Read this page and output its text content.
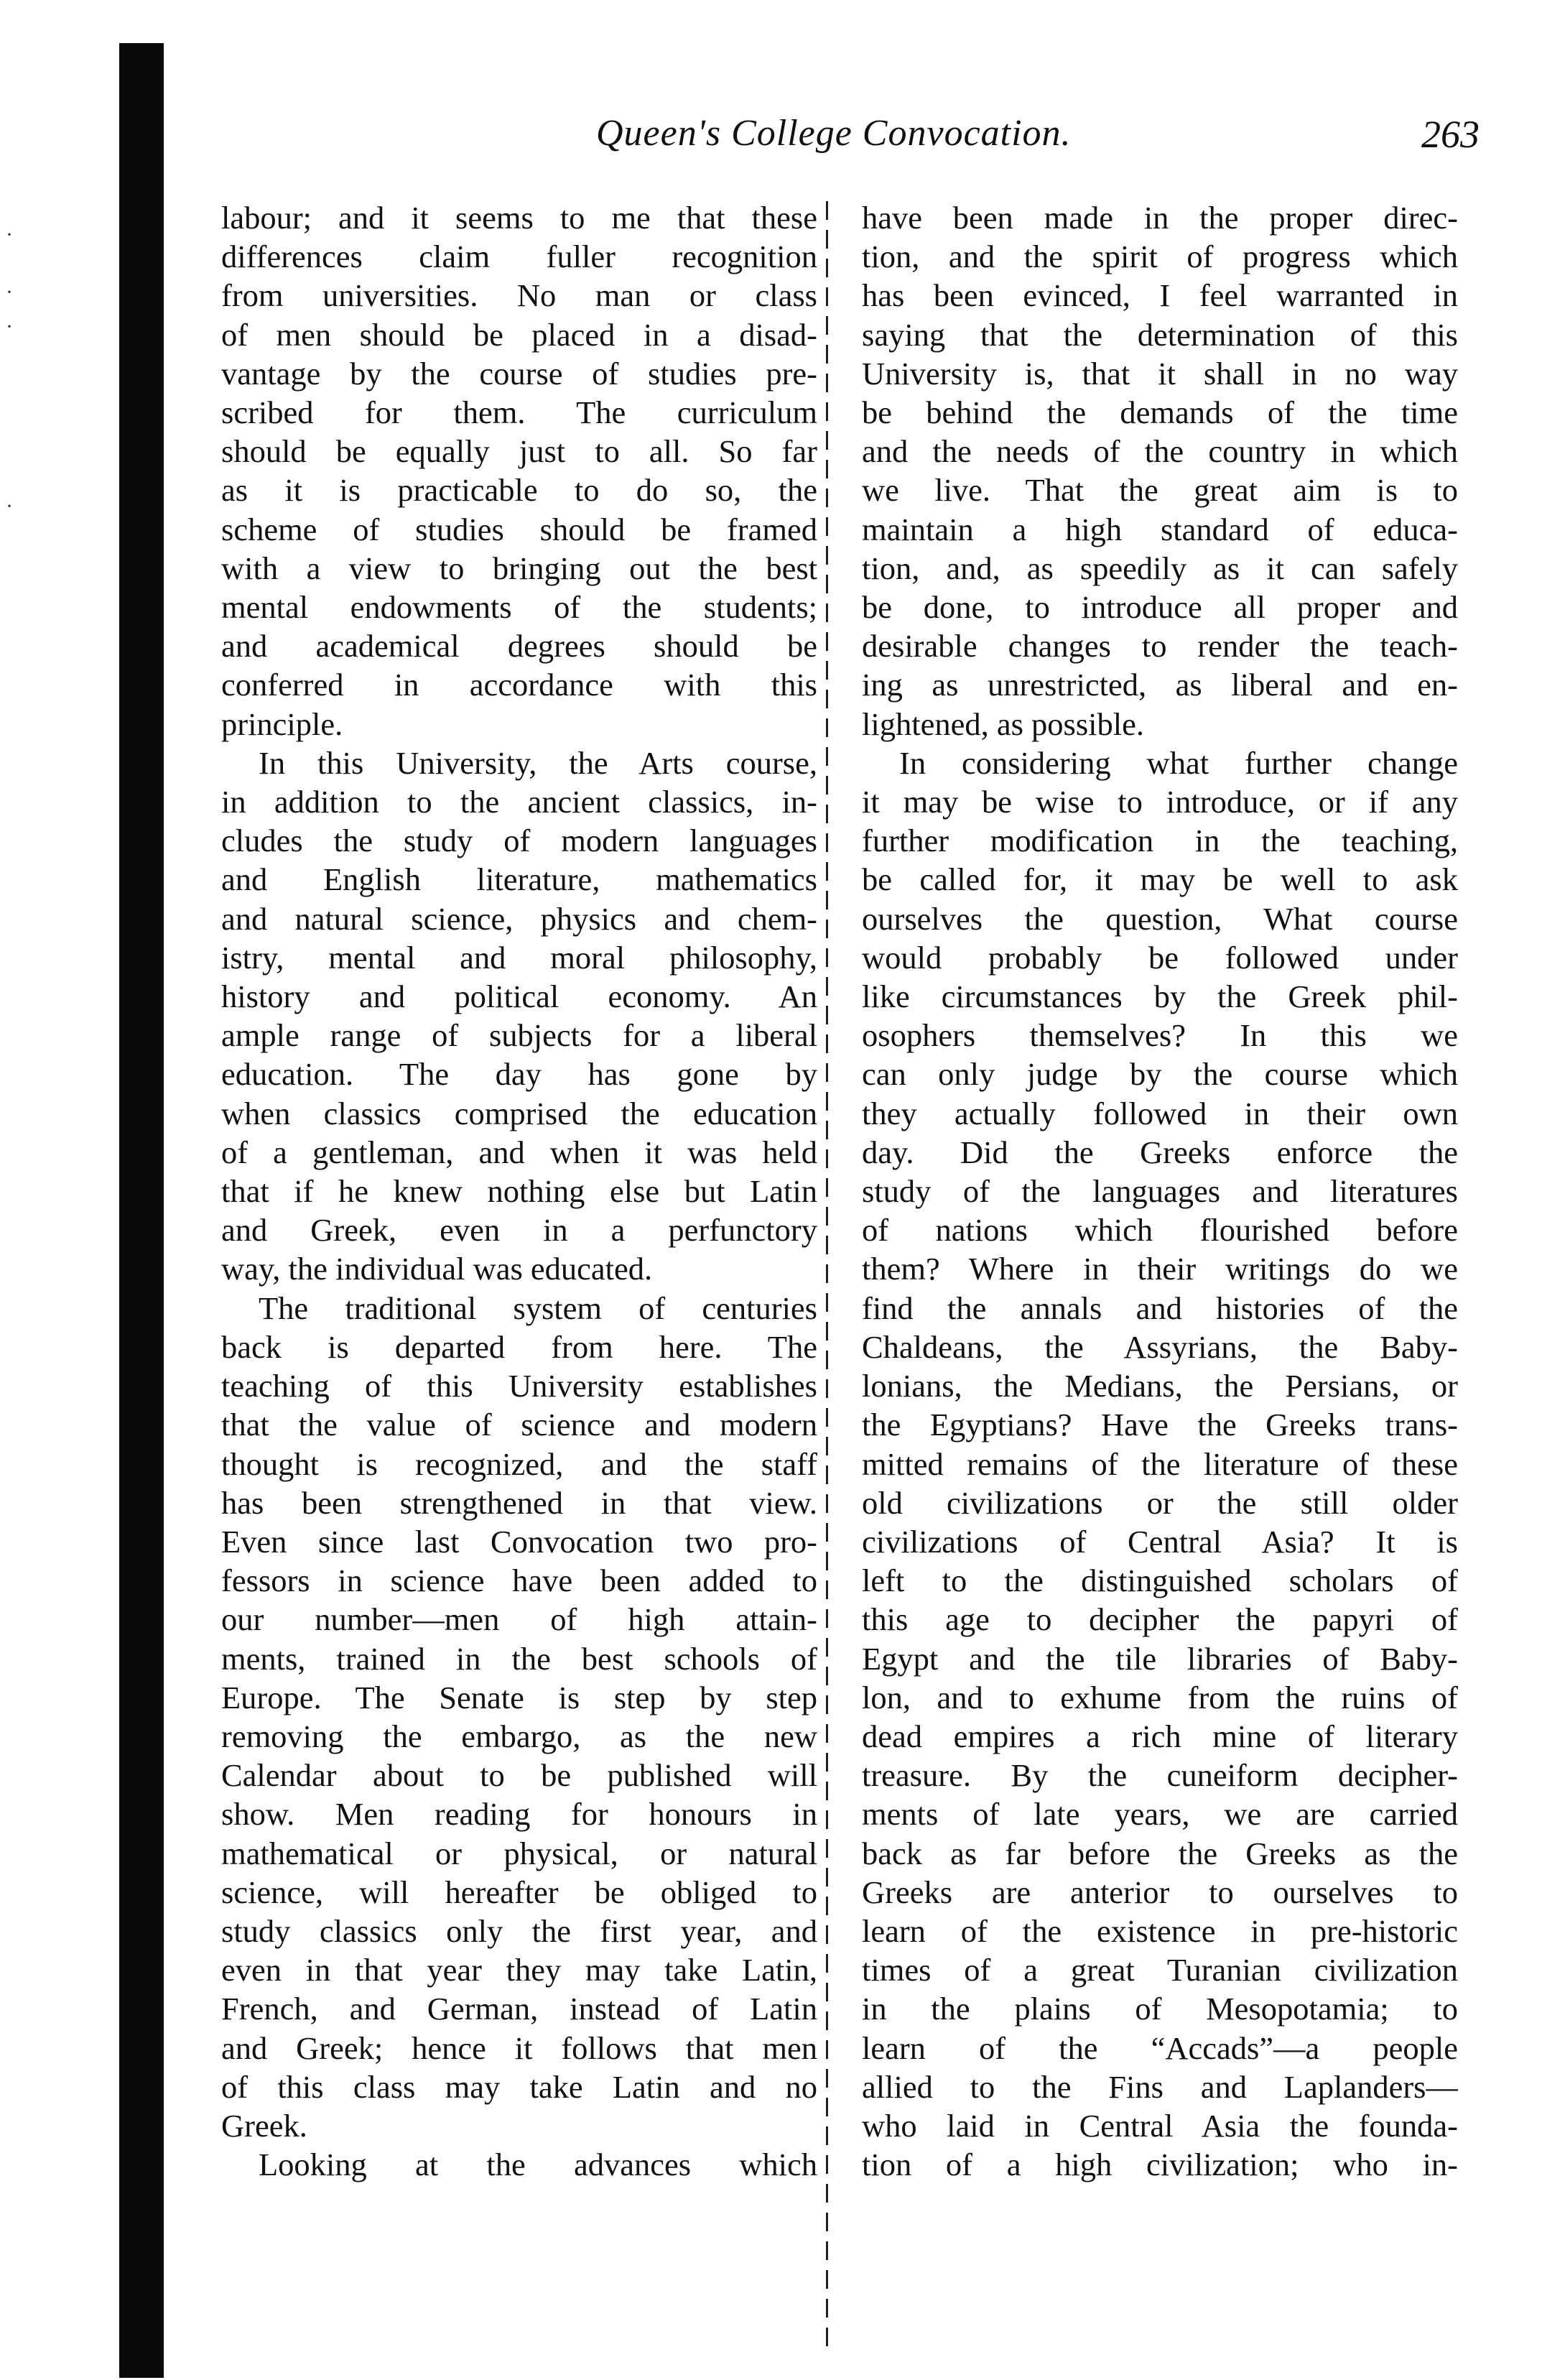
·
·
·
·
Queen's College Convocation.	263
labour; and it seems to me that these
differences claim fuller recognition
from universities. No man or class
of men should be placed in a disad-
vantage by the course of studies pre-
scribed for them. The curriculum
should be equally just to all. So far
as it is practicable to do so, the
scheme of studies should be framed
with a view to bringing out the best
mental endowments of the students;
and academical degrees should be
conferred in accordance with this
principle.
In this University, the Arts course,
in addition to the ancient classics, in-
cludes the study of modern languages
and English literature, mathematics
and natural science, physics and chem-
istry, mental and moral philosophy,
history and political economy. An
ample range of subjects for a liberal
education. The day has gone by
when classics comprised the education
of a gentleman, and when it was held
that if he knew nothing else but Latin
and Greek, even in a perfunctory
way, the individual was educated.
The traditional system of centuries
back is departed from here. The
teaching of this University establishes
that the value of science and modern
thought is recognized, and the staff
has been strengthened in that view.
Even since last Convocation two pro-
fessors in science have been added to
our number—men of high attain-
ments, trained in the best schools of
Europe. The Senate is step by step
removing the embargo, as the new
Calendar about to be published will
show. Men reading for honours in
mathematical or physical, or natural
science, will hereafter be obliged to
study classics only the first year, and
even in that year they may take Latin,
French, and German, instead of Latin
and Greek; hence it follows that men
of this class may take Latin and no
Greek.
Looking at the advances which
have been made in the proper direc-
tion, and the spirit of progress which
has been evinced, I feel warranted in
saying that the determination of this
University is, that it shall in no way
be behind the demands of the time
and the needs of the country in which
we live. That the great aim is to
maintain a high standard of educa-
tion, and, as speedily as it can safely
be done, to introduce all proper and
desirable changes to render the teach-
ing as unrestricted, as liberal and en-
lightened, as possible.
In considering what further change
it may be wise to introduce, or if any
further modification in the teaching,
be called for, it may be well to ask
ourselves the question, What course
would probably be followed under
like circumstances by the Greek phil-
osophers themselves? In this we
can only judge by the course which
they actually followed in their own
day. Did the Greeks enforce the
study of the languages and literatures
of nations which flourished before
them? Where in their writings do we
find the annals and histories of the
Chaldeans, the Assyrians, the Baby-
lonians, the Medians, the Persians, or
the Egyptians? Have the Greeks trans-
mitted remains of the literature of these
old civilizations or the still older
civilizations of Central Asia? It is
left to the distinguished scholars of
this age to decipher the papyri of
Egypt and the tile libraries of Baby-
lon, and to exhume from the ruins of
dead empires a rich mine of literary
treasure. By the cuneiform decipher-
ments of late years, we are carried
back as far before the Greeks as the
Greeks are anterior to ourselves to
learn of the existence in pre-historic
times of a great Turanian civilization
in the plains of Mesopotamia; to
learn of the “Accads”—a people
allied to the Fins and Laplanders—
who laid in Central Asia the founda-
tion of a high civilization; who in-
